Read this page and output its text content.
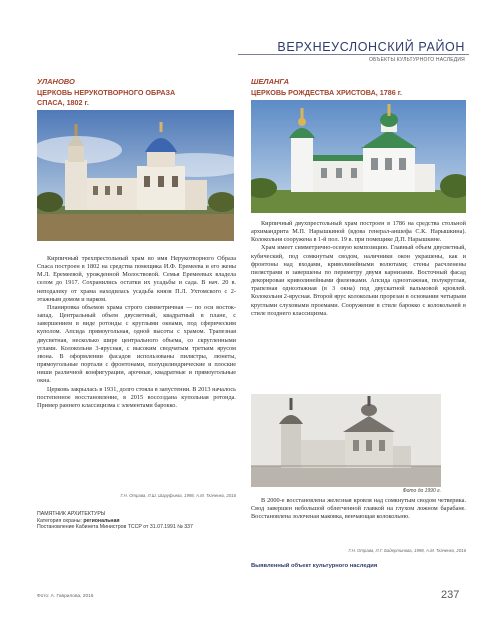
ВЕРХНЕУСЛОНСКИЙ РАЙОН
ОБЪЕКТЫ КУЛЬТУРНОГО НАСЛЕДИЯ
УЛАНОВО
ЦЕРКОВЬ НЕРУКОТВОРНОГО ОБРАЗА
СПАСА, 1802 г.

Кирпичный трехпрестольный храм во имя Нерукотворного Образа Спаса построен в 1802 на средства помещика И.Ф. Еремеева и его жены М.Л. Еремеевой, урожденной Молоствовой. Семья Еремеевых владела селом до 1917. Сохранились остатки их усадьбы и сада. В нач. 20 в. неподалеку от храма находилась усадьба князя П.Л. Ухтомского с 2-этажным домом и парком.

Планировка объемов храма строго симметричная — по оси восток-запад. Центральный объем двусветный, квадратный в плане, с завершением в виде ротонды с круглыми окнами, под сферическим куполом. Апсида прямоугольная, одной высоты с храмом. Трапезная двусветная, несколько шире центрального объема, со скругленными углами. Колокольня 3-ярусная, с высоким сводчатым третьим ярусом звона. В оформлении фасадов использованы пилястры, люнеты, прямоугольные портали с фронтонами, полуцилиндрические и плоские ниши различной конфигурации, арочные, квадратные и прямоугольные окна.

Церковь закрылась в 1931, долго стояла в запустении. В 2013 началось постепенное восстановление, в 2015 воссоздана купольная ротонда. Пример раннего классицизма с элементами барокко.

Г.Н. Отрава, Л.Ш. Шаруфьева, 1998, А.М. Ткаченко, 2016
ПАМЯТНИК АРХИТЕКТУРЫ
Категория охраны: региональная
Постановление Кабинета Министров ТССР от 31.07.1991 № 337
Фото: А. Гаврилова, 2016
ШЕЛАНГА
ЦЕРКОВЬ РОЖДЕСТВА ХРИСТОВА, 1786 г.

Кирпичный двухпрестольный храм построен в 1786 на средства стольной архимандрита М.П. Нарышкиной (вдова генерал-аншефа С.К. Нарышкина). Колокольня сооружена в 1-й пол. 19 в. при помещике Д.П. Нарышкине.

Храм имеет симметрично-осевую композицию. Главный объем двусветный, кубический, под сомкнутым сводом, наличники окон украшены, как и фронтоны над входами, криволинейными волютами; стены расчленены пилястрами и завершены по периметру двумя карнизами. Восточный фасад декорирован криволинейными филенками. Апсида одноэтажная, полукруглая, трапезная одноэтажная (в 3 окна) под двускатной вальмовой кровлей. Колокольня 2-ярусная. Второй ярус колокольни прорезан в основании четырьмя круглыми слуховыми проемами. Сооружение в стиле барокко с колокольней в стиле позднего классицизма.

Фото до 1990 г.

В 2000-е восстановлена железная кровля над сомкнутым сводом четверика. Свод завершен небольшой облегченной главкой на глухом ложном барабане. Восстановлена золоченая маковка, венчающая колокольню.

Г.Н. Отрава, Л.Г. Бадертинова, 1998, А.М. Ткаченко, 2016
Выявленный объект культурного наследия
237
